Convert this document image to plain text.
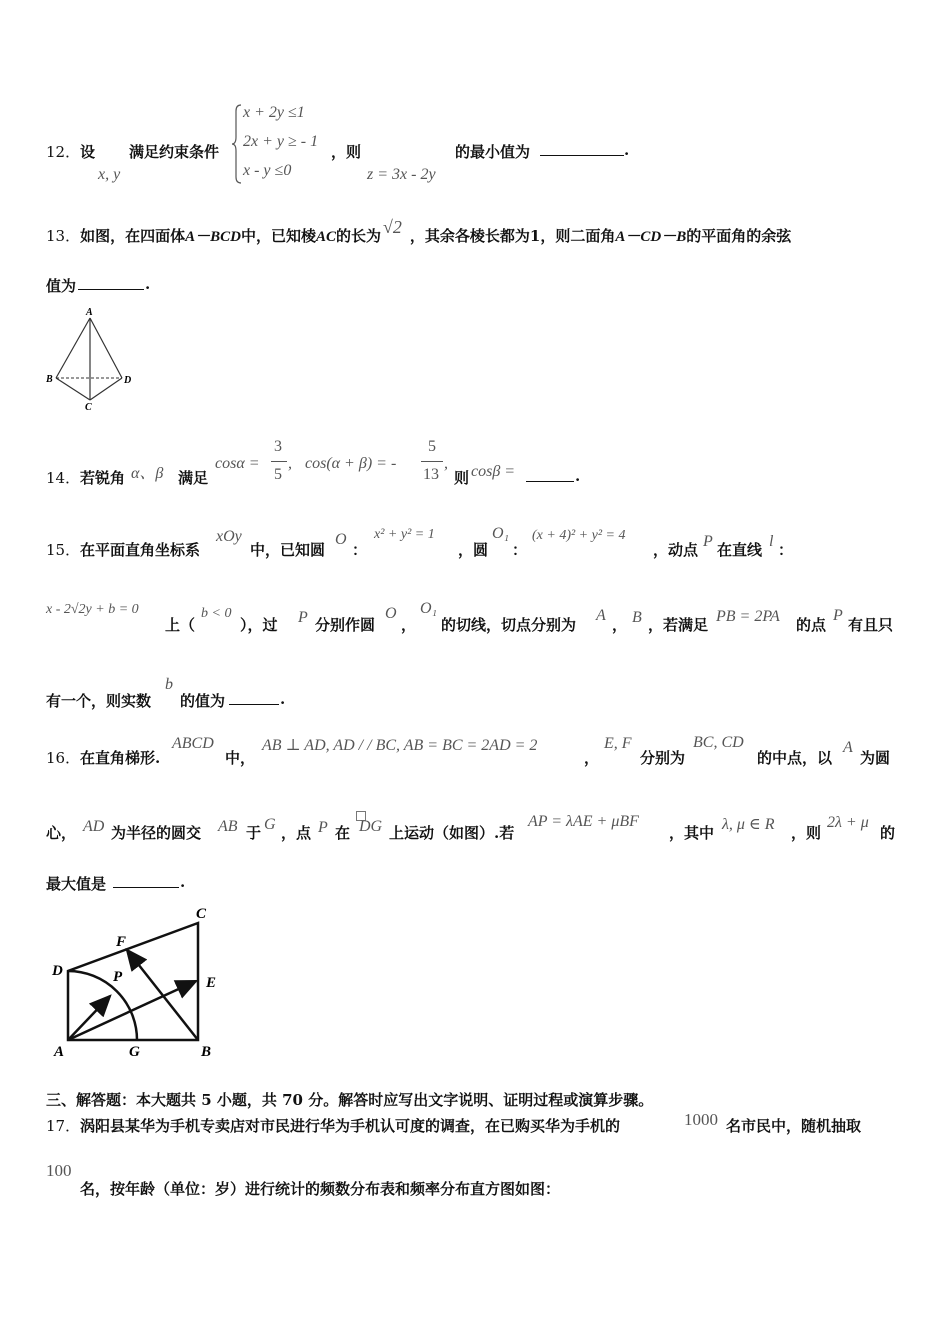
12． 设
x, y
满足约束条件
x + 2y ≤1
2x + y ≥ - 1
x - y ≤0
，则
z = 3x - 2y
的最小值为	.
13．如图，在四面体A－BCD中，已知棱AC的长为 √2 ，其余各棱长都为1，则二面角A－CD－B的平面角的余弦
值为	.
A
B
C
D
14． 若锐角 α、β 满足
cosα =
3
5
, cos(α + β) = -
5
13
,
则 cosβ =	.
15． 在平面直角坐标系
xOy
中，已知圆
O
：
x² + y² = 1
，圆
O₁
：
(x + 4)² + y² = 4
，动点 P 在直线 l ：
x - 2√2y + b = 0
上（
b < 0
），过 P 分别作圆
O
，
O₁
的切线，切点分别为
A
， B ，若满足 PB = 2PA 的点
P
有且只
有一个，则实数
b
的值为	.
16． 在直角梯形.
ABCD
中，
AB ⊥ AD, AD / / BC, AB = BC = 2AD = 2
，
E, F
分别为
BC, CD
的中点，以
A
为圆
心， AD 为半径的圆交 AB 于 G ，点 P 在 DG 上运动（如图）.若
AP = λAE + μBF
，其中 λ, μ ∈ R ，则
2λ + μ
的
最大值是	.
A	B
C
D
E
F
G
P
三、解答题：本大题共 5 小题，共 70 分。解答时应写出文字说明、证明过程或演算步骤。
17． 涡阳县某华为手机专卖店对市民进行华为手机认可度的调查，在已购买华为手机的	1000 名市民中，随机抽取
100
名，按年龄（单位：岁）进行统计的频数分布表和频率分布直方图如图：
